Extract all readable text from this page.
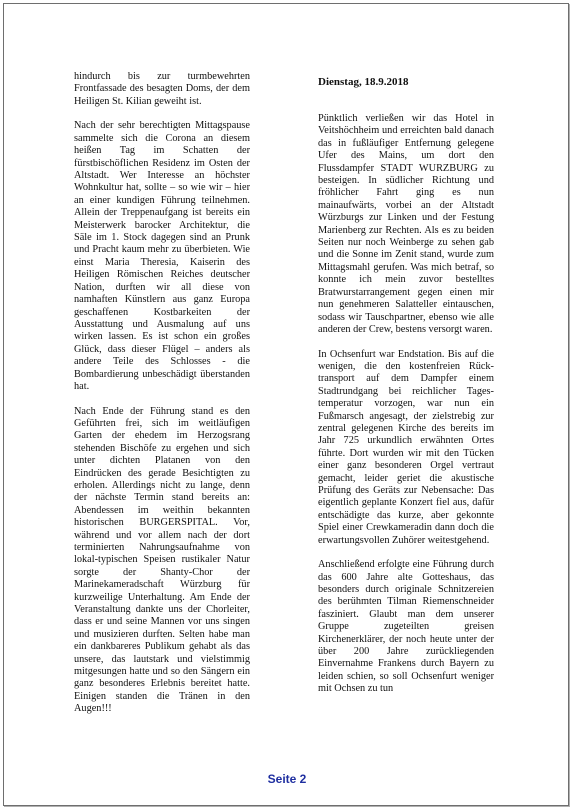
hindurch bis zur turmbewehrten Frontfassade des besagten Doms, der dem Heiligen St. Kilian geweiht ist.

Nach der sehr berechtigten Mittagspause sammelte sich die Corona an diesem heißen Tag im Schatten der fürstbischöflichen Residenz im Osten der Altstadt. Wer Interesse an höchster Wohnkultur hat, sollte – so wie wir – hier an einer kundigen Führung teilnehmen. Allein der Treppenaufgang ist bereits ein Meisterwerk barocker Architektur, die Säle im 1. Stock dagegen sind an Prunk und Pracht kaum mehr zu überbieten. Wie einst Maria Theresia, Kaiserin des Heiligen Römischen Reiches deutscher Nation, durften wir all diese von namhaften Künstlern aus ganz Europa geschaffenen Kostbarkeiten der Ausstattung und Ausmalung auf uns wirken lassen. Es ist schon ein großes Glück, dass dieser Flügel – anders als andere Teile des Schlosses - die Bombardierung unbeschädigt überstanden hat.

Nach Ende der Führung stand es den Geführten frei, sich im weitläufigen Garten der ehedem im Herzogsrang stehenden Bischöfe zu ergehen und sich unter dichten Platanen von den Eindrücken des gerade Besichtigten zu erholen. Allerdings nicht zu lange, denn der nächste Termin stand bereits an: Abendessen im weithin bekannten historischen BURGERSPITAL. Vor, während und vor allem nach der dort terminierten Nahrungsaufnahme von lokal-typischen Speisen rustikaler Natur sorgte der Shanty-Chor der Marinekameradschaft Würzburg für kurzweilige Unterhaltung. Am Ende der Veranstaltung dankte uns der Chorleiter, dass er und seine Mannen vor uns singen und musizieren durften. Selten habe man ein dankbareres Publikum gehabt als das unsere, das lautstark und vielstimmig mitgesungen hatte und so den Sängern ein ganz besonderes Erlebnis bereitet hatte. Einigen standen die Tränen in den Augen!!!

Dienstag, 18.9.2018

Pünktlich verließen wir das Hotel in Veitshöchheim und erreichten bald danach das in fußläufiger Entfernung gelegene Ufer des Mains, um dort den Flussdampfer STADT WURZBURG zu besteigen. In südlicher Richtung und fröhlicher Fahrt ging es nun mainaufwärts, vorbei an der Altstadt Würzburgs zur Linken und der Festung Marienberg zur Rechten. Als es zu beiden Seiten nur noch Weinberge zu sehen gab und die Sonne im Zenit stand, wurde zum Mittagsmahl gerufen. Was mich betraf, so konnte ich mein zuvor bestelltes Bratwurstarrangement gegen einen mir nun genehmeren Salatteller eintauschen, sodass wir Tauschpartner, ebenso wie alle anderen der Crew, bestens versorgt waren.

In Ochsenfurt war Endstation. Bis auf die wenigen, die den kostenfreien Rück-transport auf dem Dampfer einem Stadtrundgang bei reichlicher Tages-temperatur vorzogen, war nun ein Fußmarsch angesagt, der zielstrebig zur zentral gelegenen Kirche des bereits im Jahr 725 urkundlich erwähnten Ortes führte. Dort wurden wir mit den Tücken einer ganz besonderen Orgel vertraut gemacht, leider geriet die akustische Prüfung des Geräts zur Nebensache: Das eigentlich geplante Konzert fiel aus, dafür entschädigte das kurze, aber gekonnte Spiel einer Crewkameradin dann doch die erwartungsvollen Zuhörer weitestgehend.

Anschließend erfolgte eine Führung durch das 600 Jahre alte Gotteshaus, das besonders durch originale Schnitzereien des berühmten Tilman Riemenschneider fasziniert. Glaubt man dem unserer Gruppe zugeteilten greisen Kirchenerklärer, der noch heute unter der über 200 Jahre zurückliegenden Einvernahme Frankens durch Bayern zu leiden schien, so soll Ochsenfurt weniger mit Ochsen zu tun

Seite 2
